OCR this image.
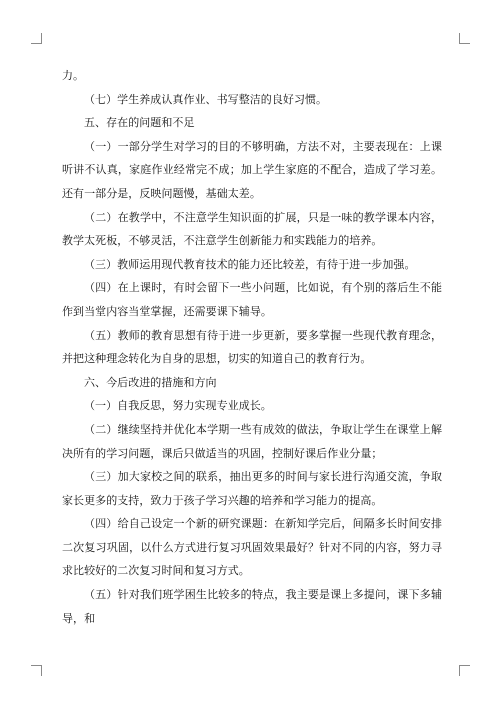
力。

（七）学生养成认真作业、书写整洁的良好习惯。

五、存在的问题和不足

（一）一部分学生对学习的目的不够明确，方法不对，主要表现在：上课听讲不认真，家庭作业经常完不成；加上学生家庭的不配合，造成了学习差。还有一部分是，反映问题慢，基础太差。

（二）在教学中，不注意学生知识面的扩展，只是一味的教学课本内容，教学太死板，不够灵活，不注意学生创新能力和实践能力的培养。

（三）教师运用现代教育技术的能力还比较差，有待于进一步加强。

（四）在上课时，有时会留下一些小问题，比如说，有个别的落后生不能作到当堂内容当堂掌握，还需要课下辅导。

（五）教师的教育思想有待于进一步更新，要多掌握一些现代教育理念，并把这种理念转化为自身的思想，切实的知道自己的教育行为。

六、今后改进的措施和方向

（一）自我反思，努力实现专业成长。

（二）继续坚持并优化本学期一些有成效的做法，争取让学生在课堂上解决所有的学习问题，课后只做适当的巩固，控制好课后作业分量；

（三）加大家校之间的联系，抽出更多的时间与家长进行沟通交流，争取家长更多的支持，致力于孩子学习兴趣的培养和学习能力的提高。

（四）给自己设定一个新的研究课题：在新知学完后，间隔多长时间安排二次复习巩固，以什么方式进行复习巩固效果最好？针对不同的内容，努力寻求比较好的二次复习时间和复习方式。

（五）针对我们班学困生比较多的特点，我主要是课上多提问，课下多辅导，和
